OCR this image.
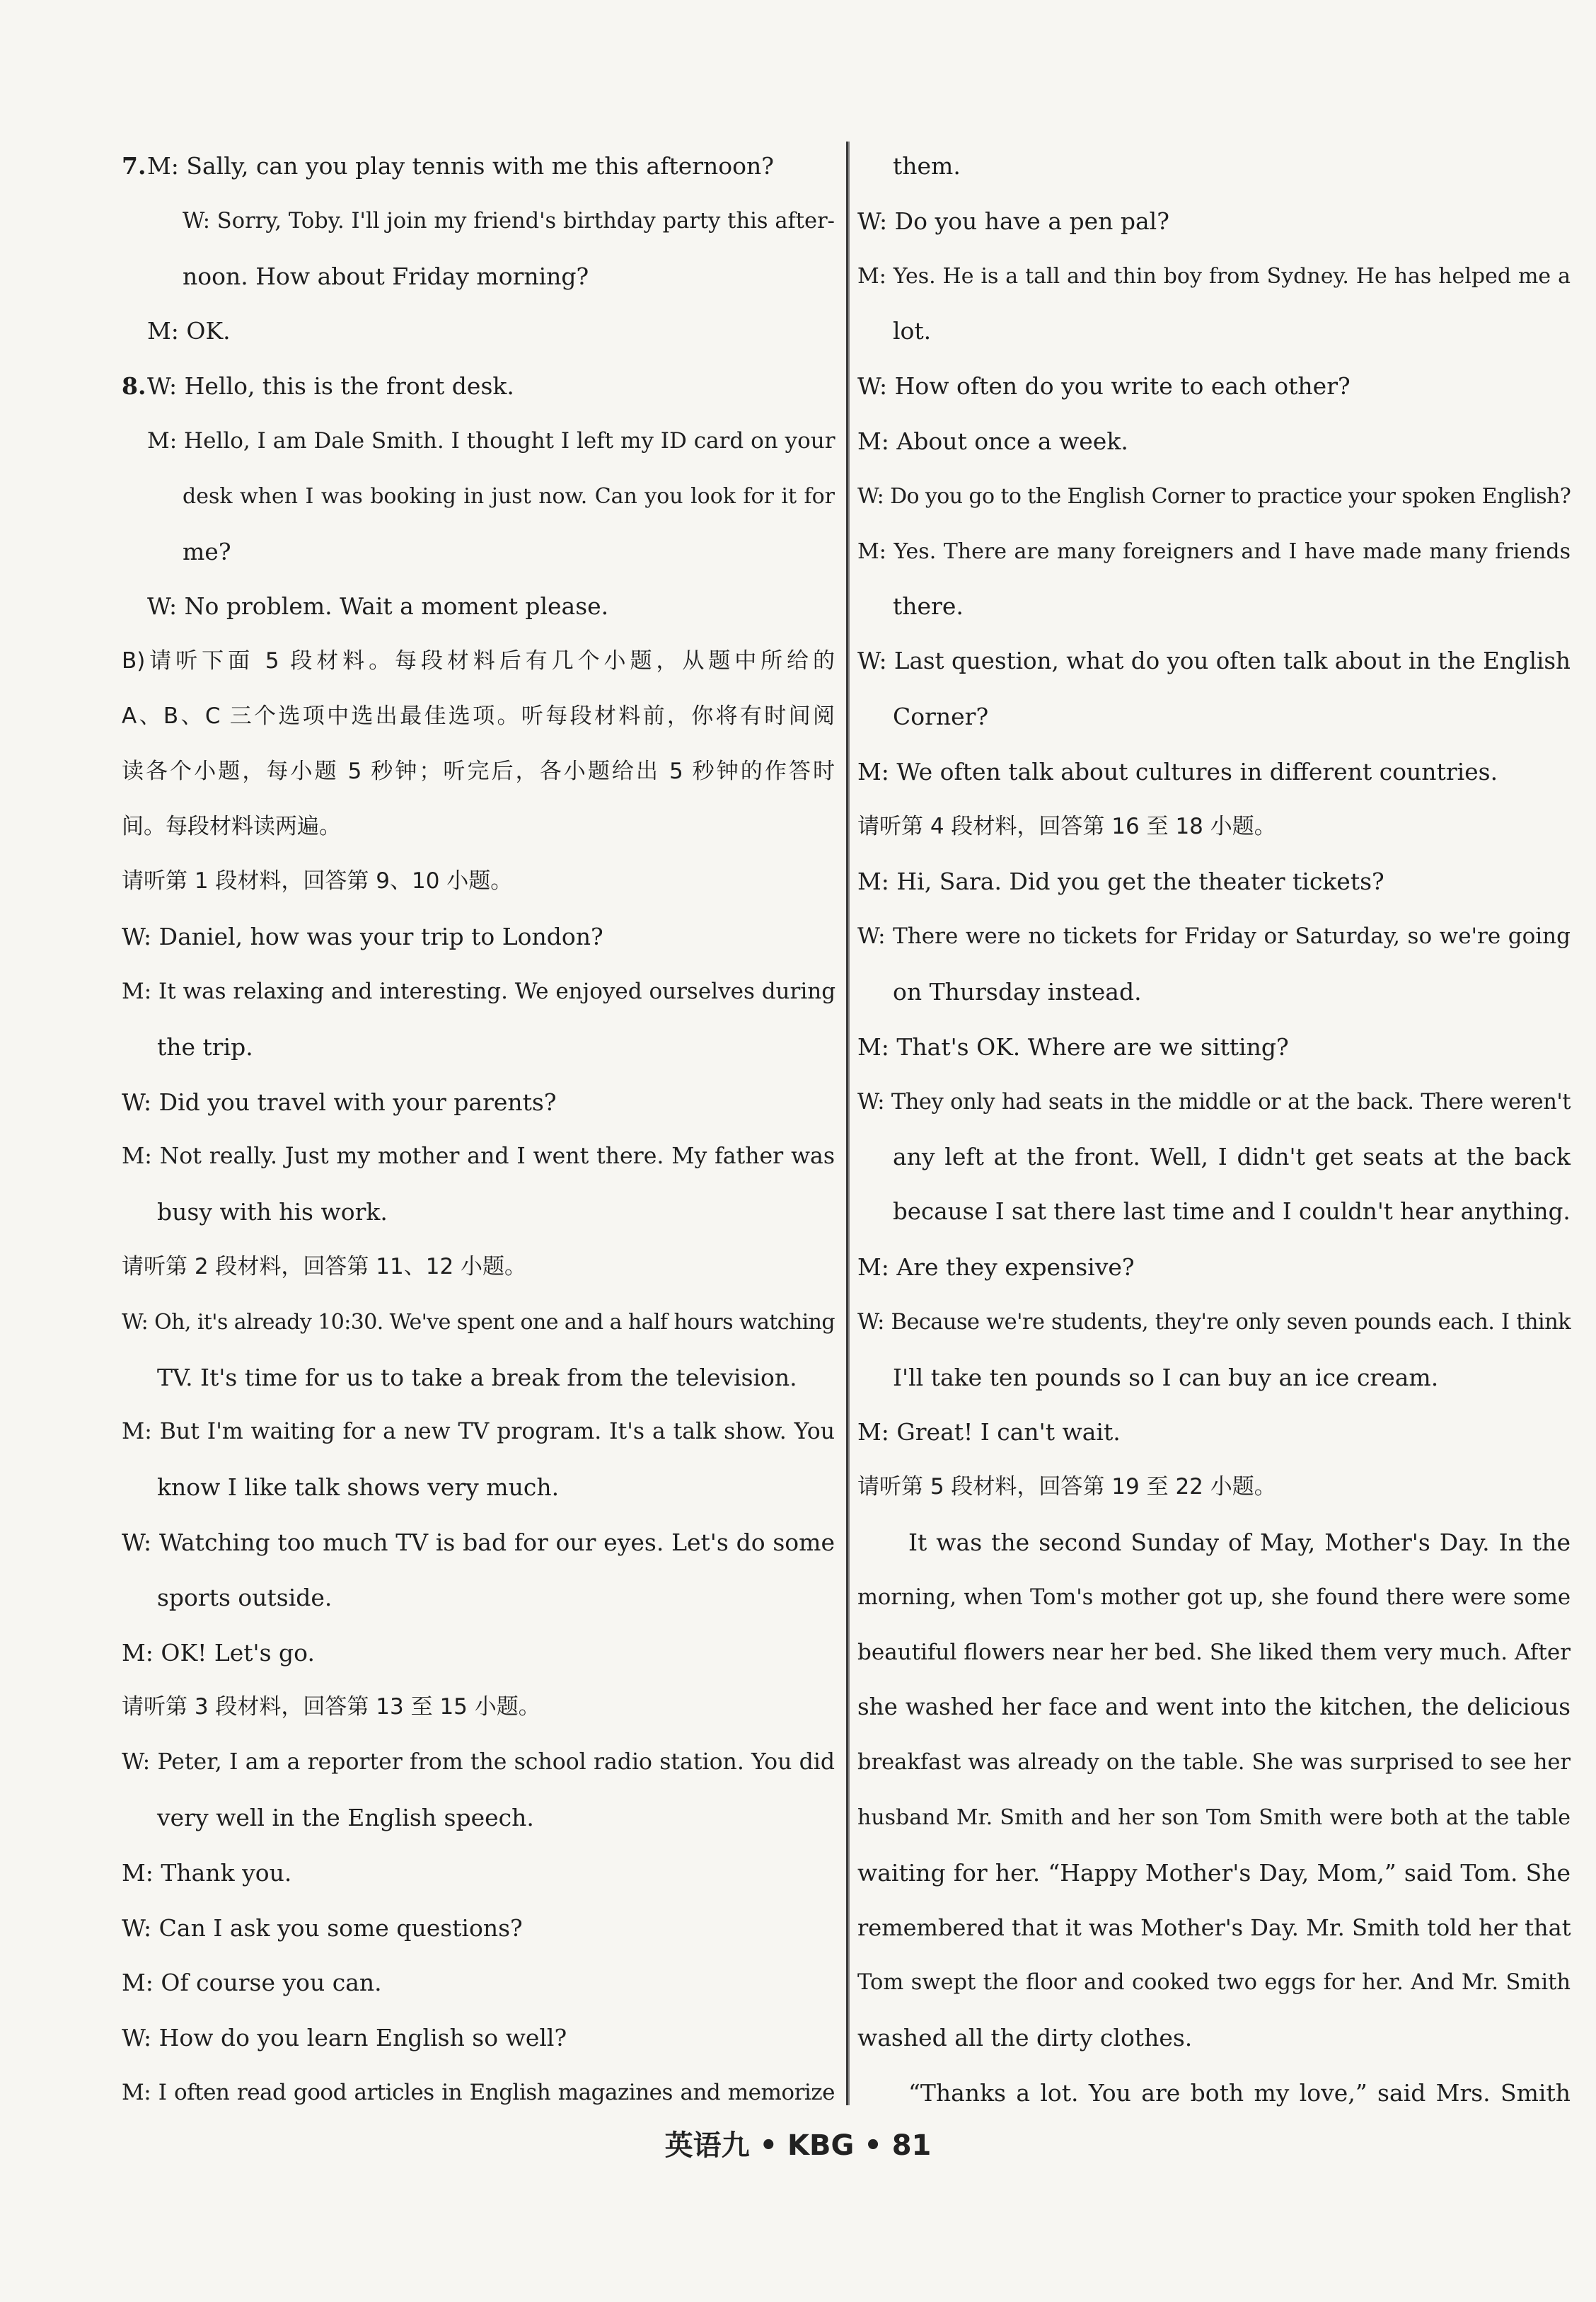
7.M: Sally, can you play tennis with me this afternoon?
W: Sorry, Toby. I'll join my friend's birthday party this after-
noon. How about Friday morning?
M: OK.
8.W: Hello, this is the front desk.
M: Hello, I am Dale Smith. I thought I left my ID card on your
desk when I was booking in just now. Can you look for it for
me?
W: No problem. Wait a moment please.
B)请听下面 5 段材料。每段材料后有几个小题，从题中所给的
A、B、C 三个选项中选出最佳选项。听每段材料前，你将有时间阅
读各个小题，每小题 5 秒钟；听完后，各小题给出 5 秒钟的作答时
间。每段材料读两遍。
请听第 1 段材料，回答第 9、10 小题。
W: Daniel, how was your trip to London?
M: It was relaxing and interesting. We enjoyed ourselves during
the trip.
W: Did you travel with your parents?
M: Not really. Just my mother and I went there. My father was
busy with his work.
请听第 2 段材料，回答第 11、12 小题。
W: Oh, it's already 10:30. We've spent one and a half hours watching
TV. It's time for us to take a break from the television.
M: But I'm waiting for a new TV program. It's a talk show. You
know I like talk shows very much.
W: Watching too much TV is bad for our eyes. Let's do some
sports outside.
M: OK! Let's go.
请听第 3 段材料，回答第 13 至 15 小题。
W: Peter, I am a reporter from the school radio station. You did
very well in the English speech.
M: Thank you.
W: Can I ask you some questions?
M: Of course you can.
W: How do you learn English so well?
M: I often read good articles in English magazines and memorize
them.
W: Do you have a pen pal?
M: Yes. He is a tall and thin boy from Sydney. He has helped me a
lot.
W: How often do you write to each other?
M: About once a week.
W: Do you go to the English Corner to practice your spoken English?
M: Yes. There are many foreigners and I have made many friends
there.
W: Last question, what do you often talk about in the English
Corner?
M: We often talk about cultures in different countries.
请听第 4 段材料，回答第 16 至 18 小题。
M: Hi, Sara. Did you get the theater tickets?
W: There were no tickets for Friday or Saturday, so we're going
on Thursday instead.
M: That's OK. Where are we sitting?
W: They only had seats in the middle or at the back. There weren't
any left at the front. Well, I didn't get seats at the back
because I sat there last time and I couldn't hear anything.
M: Are they expensive?
W: Because we're students, they're only seven pounds each. I think
I'll take ten pounds so I can buy an ice cream.
M: Great! I can't wait.
请听第 5 段材料，回答第 19 至 22 小题。
It was the second Sunday of May, Mother's Day. In the
morning, when Tom's mother got up, she found there were some
beautiful flowers near her bed. She liked them very much. After
she washed her face and went into the kitchen, the delicious
breakfast was already on the table. She was surprised to see her
husband Mr. Smith and her son Tom Smith were both at the table
waiting for her. “Happy Mother's Day, Mom,” said Tom. She
remembered that it was Mother's Day. Mr. Smith told her that
Tom swept the floor and cooked two eggs for her. And Mr. Smith
washed all the dirty clothes.
“Thanks a lot. You are both my love,” said Mrs. Smith
英语九 • KBG • 81
